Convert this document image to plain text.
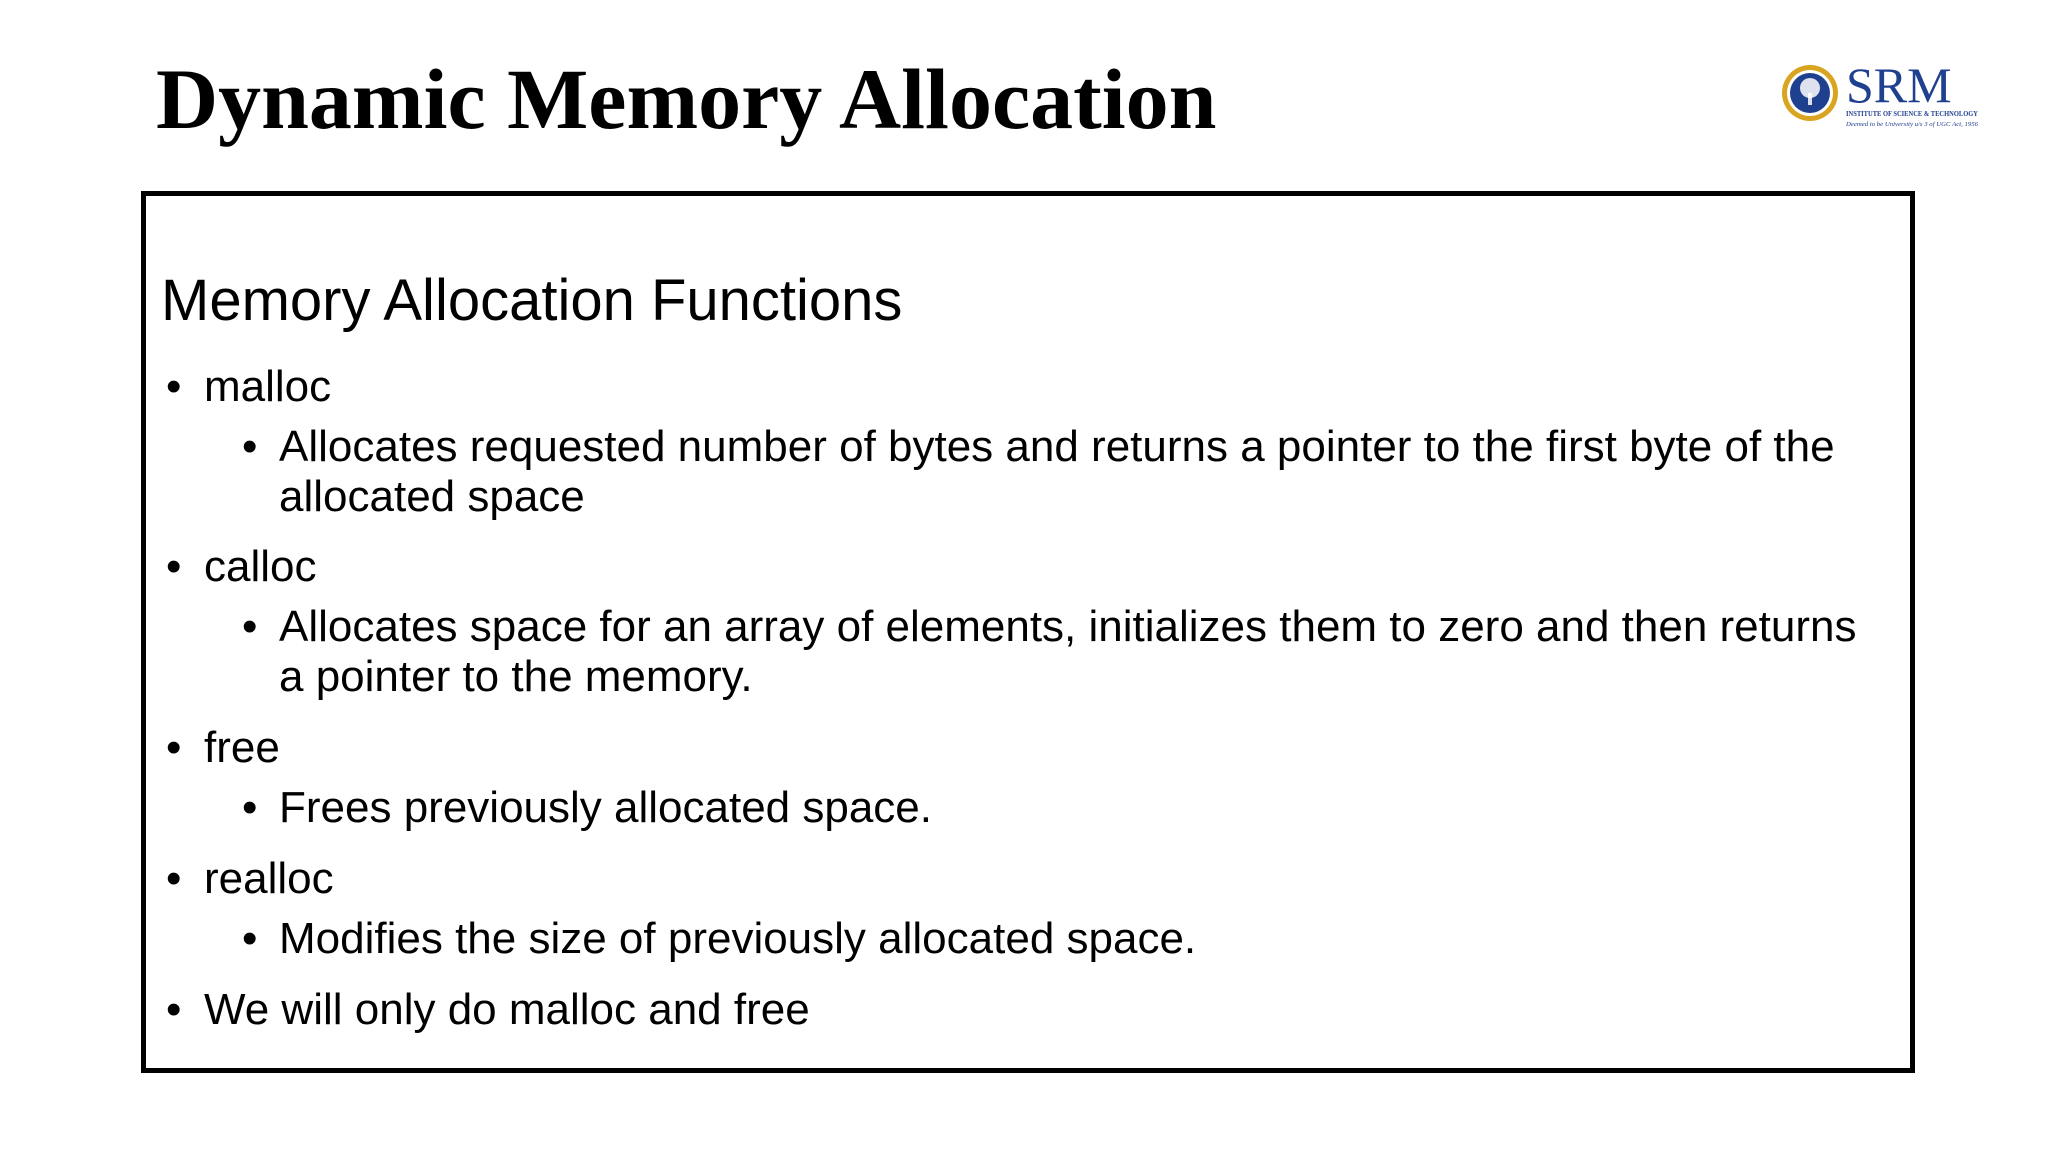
Dynamic Memory Allocation	SRM
INSTITUTE OF SCIENCE & TECHNOLOGY
Deemed to be University u/s 3 of UGC Act, 1956
Memory Allocation Functions
• malloc
• Allocates requested number of bytes and returns a pointer to the first byte of the allocated space
• calloc
• Allocates space for an array of elements, initializes them to zero and then returns a pointer to the memory.
• free
• Frees previously allocated space.
• realloc
• Modifies the size of previously allocated space.
• We will only do malloc and free
